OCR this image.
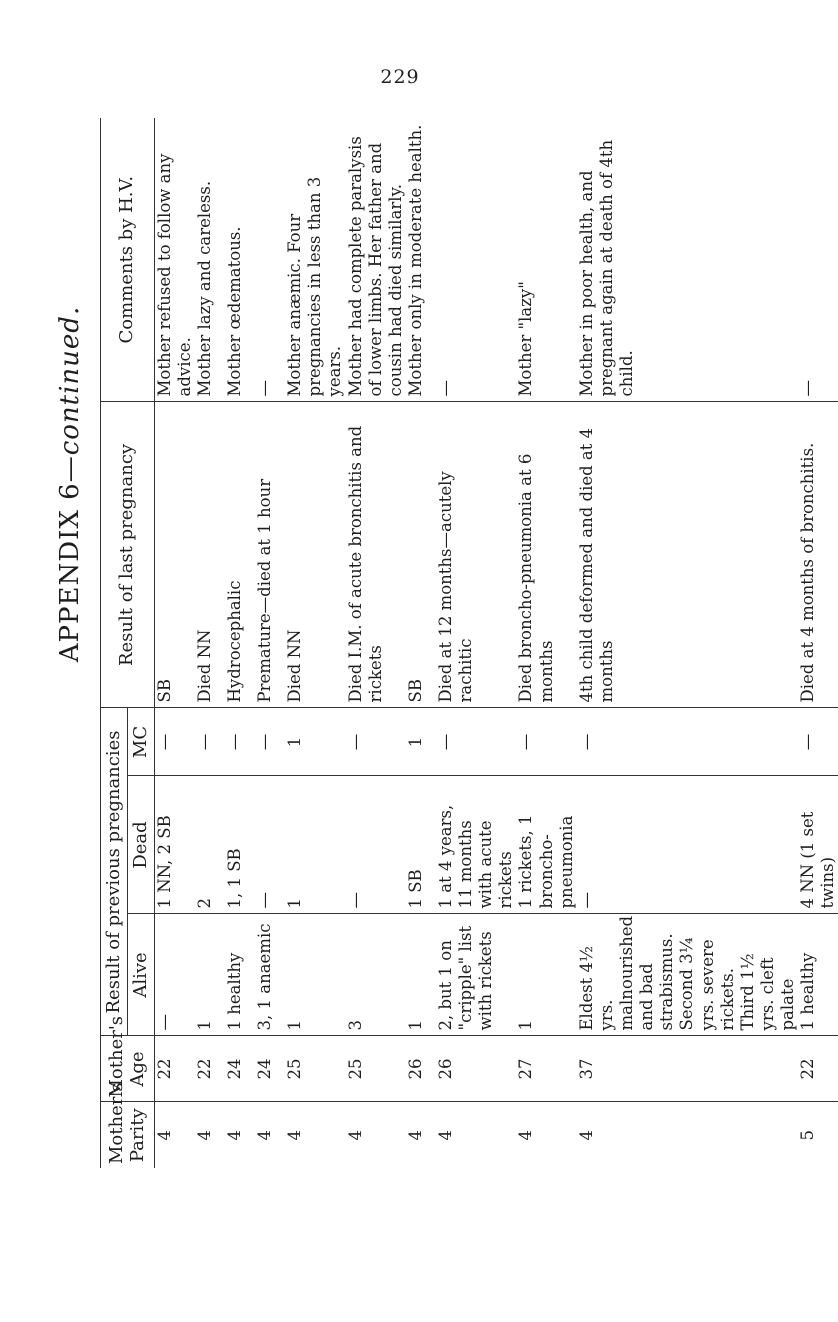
229
APPENDIX 6—continued.
Mother's Parity	Mother's Age	Result of previous pregnancies			Result of last pregnancy	Comments by H.V.
		Alive	Dead	MC		
4	22	—	1 NN, 2 SB	—	SB	Mother refused to follow any advice.
4	22	1	2	—	Died NN	Mother lazy and careless.
4	24	1 healthy	1, 1 SB	—	Hydrocephalic	Mother œdematous.
4	24	3, 1 anaemic	—	—	Premature—died at 1 hour	—
4	25	1	1	1	Died NN	Mother anæmic. Four pregnancies in less than 3 years.
4	25	3	—	—	Died I.M. of acute bronchitis and rickets	Mother had complete paralysis of lower limbs. Her father and cousin had died similarly.
4	26	1	1 SB	1	SB	Mother only in moderate health.
4	26	2, but 1 on "cripple" list with rickets	1 at 4 years, 11 months with acute rickets	—	Died at 12 months—acutely rachitic	—
4	27	1	1 rickets, 1 broncho-pneumonia	—	Died broncho-pneumonia at 6 months	Mother "lazy"
4	37	Eldest 4½ yrs. malnourished and bad strabismus. Second 3¼ yrs. severe rickets. Third 1½ yrs. cleft palate	—	—	4th child deformed and died at 4 months	Mother in poor health, and pregnant again at death of 4th child.
5	22	1 healthy	4 NN (1 set twins)	—	Died at 4 months of bronchitis.	—
